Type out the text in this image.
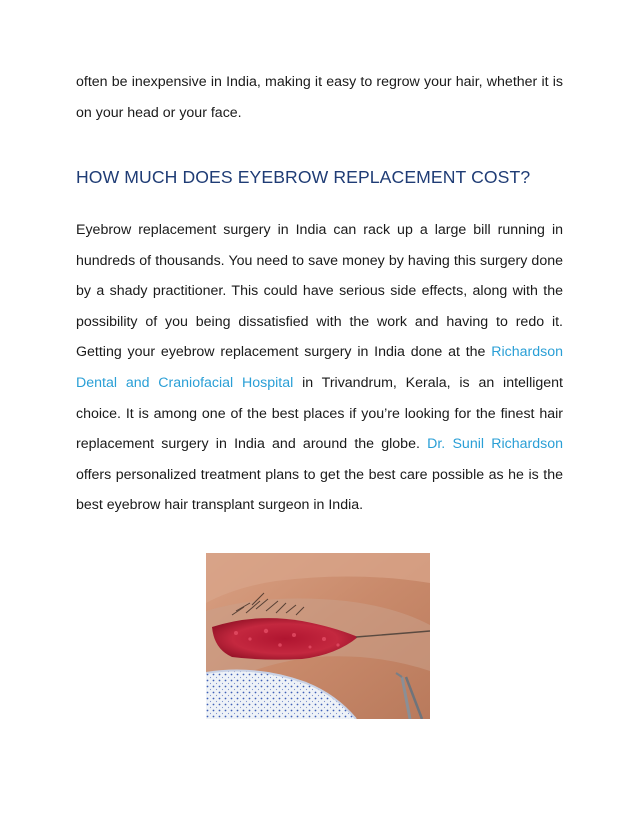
often be inexpensive in India, making it easy to regrow your hair, whether it is on your head or your face.

HOW MUCH DOES EYEBROW REPLACEMENT COST?

Eyebrow replacement surgery in India can rack up a large bill running in hundreds of thousands. You need to save money by having this surgery done by a shady practitioner. This could have serious side effects, along with the possibility of you being dissatisfied with the work and having to redo it. Getting your eyebrow replacement surgery in India done at the Richardson Dental and Craniofacial Hospital in Trivandrum, Kerala, is an intelligent choice. It is among one of the best places if you’re looking for the finest hair replacement surgery in India and around the globe. Dr. Sunil Richardson offers personalized treatment plans to get the best care possible as he is the best eyebrow hair transplant surgeon in India.
